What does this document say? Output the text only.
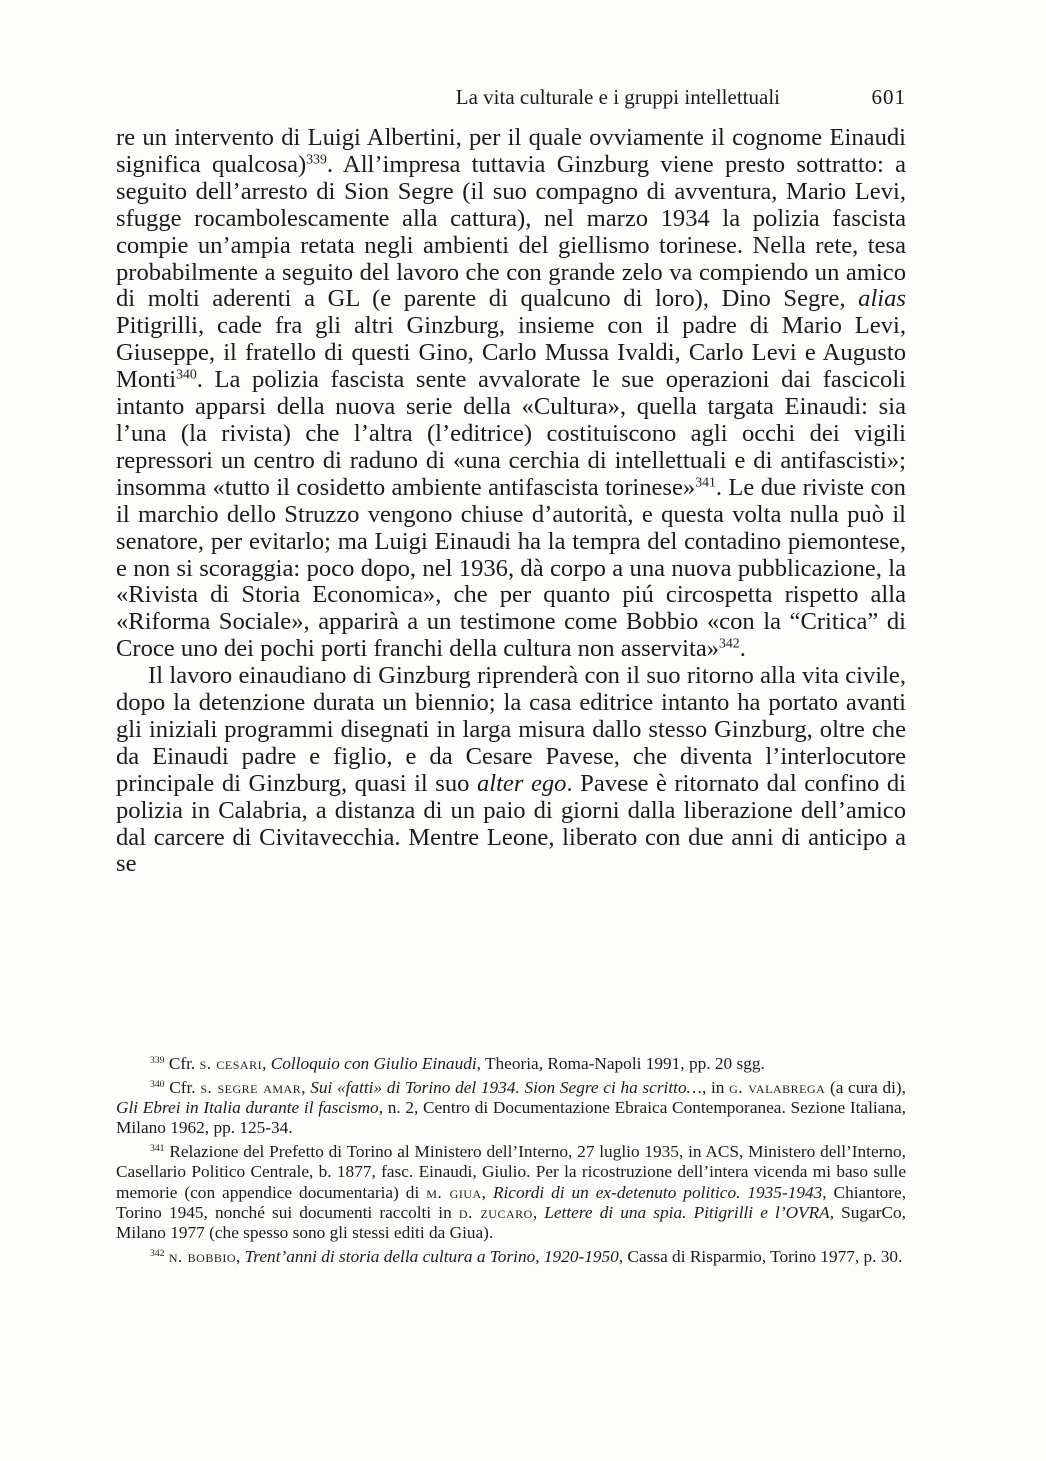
La vita culturale e i gruppi intellettuali	601

re un intervento di Luigi Albertini, per il quale ovviamente il cognome Einaudi significa qualcosa)$^{339}$. All’impresa tuttavia Ginzburg viene presto sottratto: a seguito dell’arresto di Sion Segre (il suo compagno di avventura, Mario Levi, sfugge rocambolescamente alla cattura), nel marzo 1934 la polizia fascista compie un’ampia retata negli ambienti del giellismo torinese. Nella rete, tesa probabilmente a seguito del lavoro che con grande zelo va compiendo un amico di molti aderenti a GL (e parente di qualcuno di loro), Dino Segre, alias Pitigrilli, cade fra gli altri Ginzburg, insieme con il padre di Mario Levi, Giuseppe, il fratello di questi Gino, Carlo Mussa Ivaldi, Carlo Levi e Augusto Monti$^{340}$. La polizia fascista sente avvalorate le sue operazioni dai fascicoli intanto apparsi della nuova serie della «Cultura», quella targata Einaudi: sia l’una (la rivista) che l’altra (l’editrice) costituiscono agli occhi dei vigili repressori un centro di raduno di «una cerchia di intellettuali e di antifascisti»; insomma «tutto il cosidetto ambiente antifascista torinese»$^{341}$. Le due riviste con il marchio dello Struzzo vengono chiuse d’autorità, e questa volta nulla può il senatore, per evitarlo; ma Luigi Einaudi ha la tempra del contadino piemontese, e non si scoraggia: poco dopo, nel 1936, dà corpo a una nuova pubblicazione, la «Rivista di Storia Economica», che per quanto piú circospetta rispetto alla «Riforma Sociale», apparirà a un testimone come Bobbio «con la “Critica” di Croce uno dei pochi porti franchi della cultura non asservita»$^{342}$.

Il lavoro einaudiano di Ginzburg riprenderà con il suo ritorno alla vita civile, dopo la detenzione durata un biennio; la casa editrice intanto ha portato avanti gli iniziali programmi disegnati in larga misura dallo stesso Ginzburg, oltre che da Einaudi padre e figlio, e da Cesare Pavese, che diventa l’interlocutore principale di Ginzburg, quasi il suo alter ego. Pavese è ritornato dal confino di polizia in Calabria, a distanza di un paio di giorni dalla liberazione dell’amico dal carcere di Civitavecchia. Mentre Leone, liberato con due anni di anticipo a se

$^{339}$ Cfr. s. cesari, Colloquio con Giulio Einaudi, Theoria, Roma-Napoli 1991, pp. 20 sgg.

$^{340}$ Cfr. s. segre amar, Sui «fatti» di Torino del 1934. Sion Segre ci ha scritto…, in g. valabrega (a cura di), Gli Ebrei in Italia durante il fascismo, n. 2, Centro di Documentazione Ebraica Contemporanea. Sezione Italiana, Milano 1962, pp. 125-34.

$^{341}$ Relazione del Prefetto di Torino al Ministero dell’Interno, 27 luglio 1935, in ACS, Ministero dell’Interno, Casellario Politico Centrale, b. 1877, fasc. Einaudi, Giulio. Per la ricostruzione dell’intera vicenda mi baso sulle memorie (con appendice documentaria) di m. giua, Ricordi di un ex-detenuto politico. 1935-1943, Chiantore, Torino 1945, nonché sui documenti raccolti in d. zucaro, Lettere di una spia. Pitigrilli e l’OVRA, SugarCo, Milano 1977 (che spesso sono gli stessi editi da Giua).

$^{342}$ n. bobbio, Trent’anni di storia della cultura a Torino, 1920-1950, Cassa di Risparmio, Torino 1977, p. 30.
